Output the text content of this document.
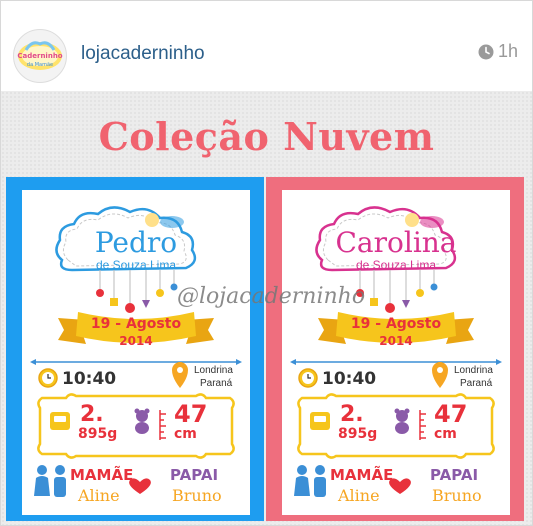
Caderninho
da Mamãe
lojacaderninho	1h
Coleção Nuvem
Pedro
de Souza Lima
19 - Agosto
2014
10:40	Londrina
Paraná
2.
895g
47
cm
MAMÃE
Aline
PAPAI
Bruno
Carolina
de Souza Lima
19 - Agosto
2014
10:40	Londrina
Paraná
2.
895g
47
cm
MAMÃE
Aline
PAPAI
Bruno
@lojacaderninho
